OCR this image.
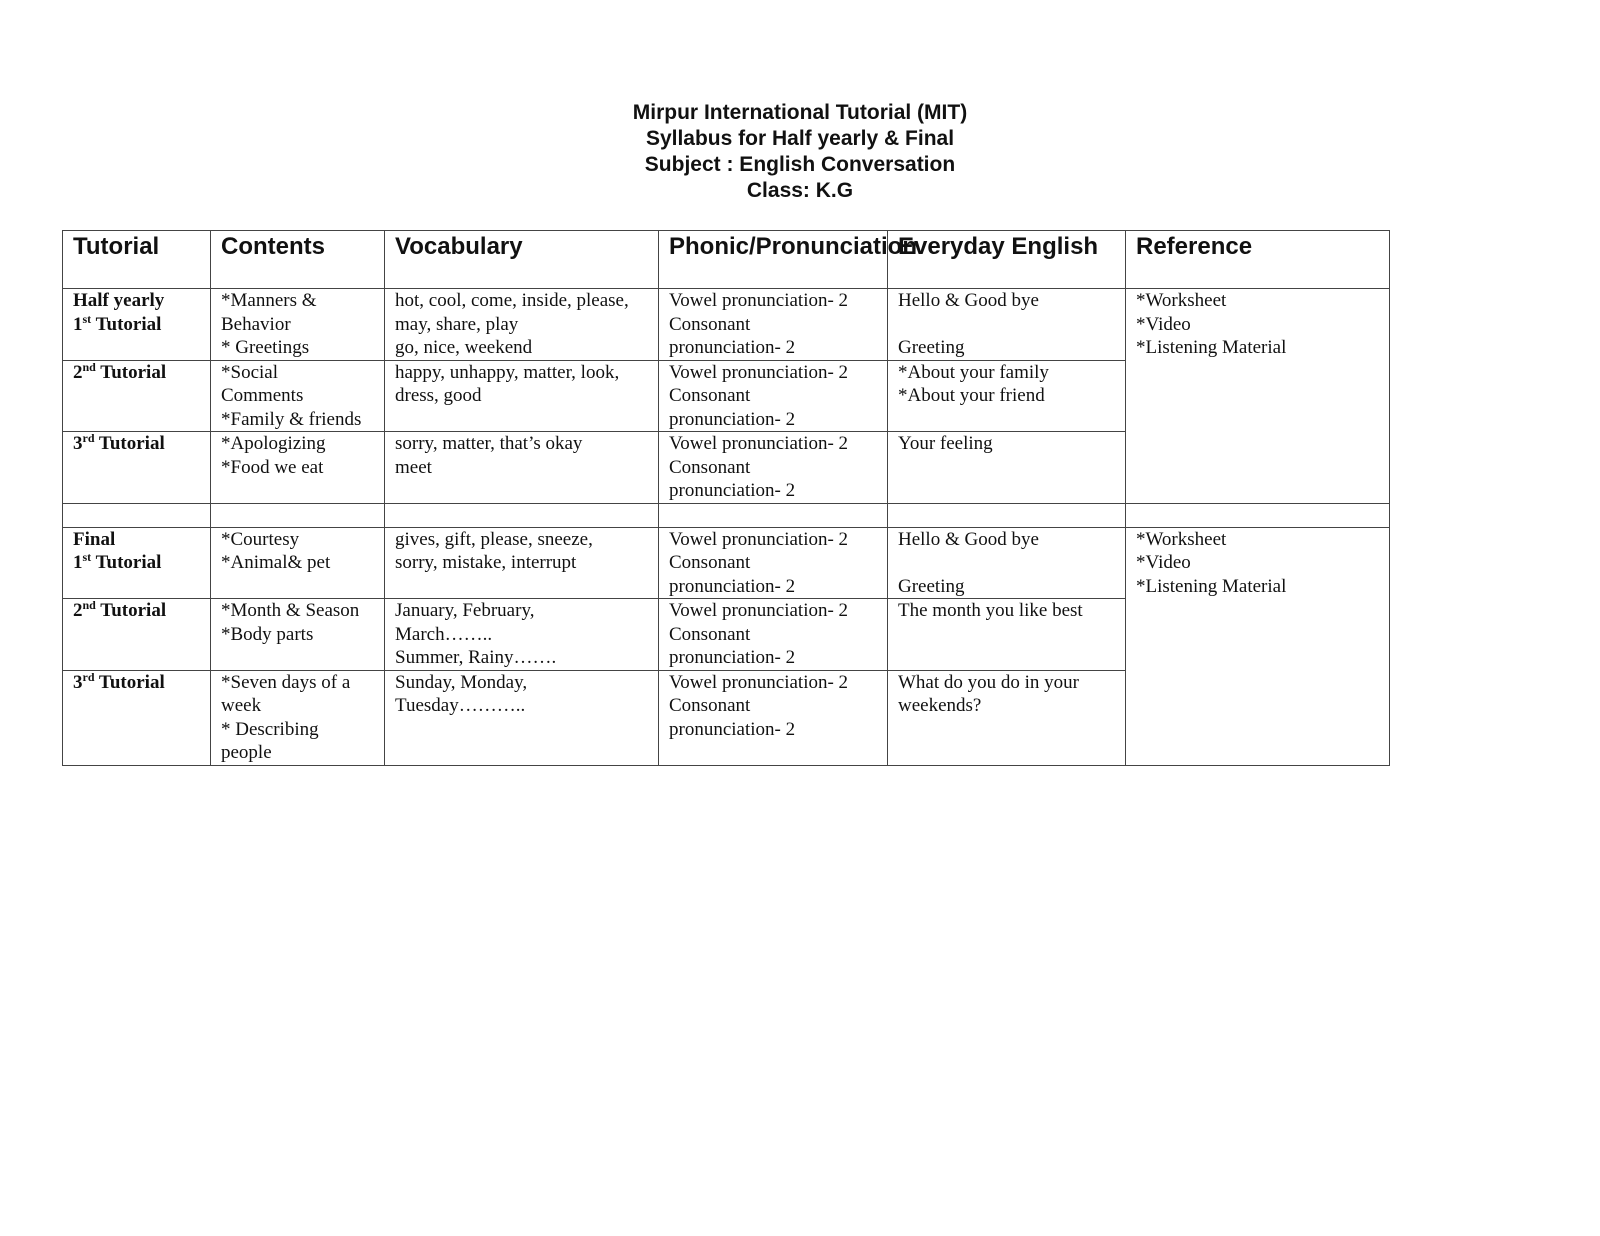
Mirpur International Tutorial (MIT)
Syllabus for Half yearly & Final
Subject : English Conversation
Class: K.G
Tutorial	Contents	Vocabulary	Phonic/Pronunciation	Everyday English	Reference

Half yearly
1st Tutorial	*Manners &
Behavior
* Greetings	hot, cool, come, inside, please,
may, share, play
go, nice, weekend	Vowel pronunciation- 2
Consonant
pronunciation- 2	Hello & Good bye

Greeting	*Worksheet
*Video
*Listening Material

2nd Tutorial	*Social
Comments
*Family & friends	happy, unhappy, matter, look,
dress, good	Vowel pronunciation- 2
Consonant
pronunciation- 2	*About your family
*About your friend	

3rd Tutorial	*Apologizing
*Food we eat	sorry, matter, that’s okay
meet	Vowel pronunciation- 2
Consonant
pronunciation- 2	Your feeling	

Final
1st Tutorial	*Courtesy
*Animal& pet	gives, gift, please, sneeze,
sorry, mistake, interrupt	Vowel pronunciation- 2
Consonant
pronunciation- 2	Hello & Good bye

Greeting	*Worksheet
*Video
*Listening Material

2nd Tutorial	*Month & Season
*Body parts	January, February,
March……..
Summer, Rainy…….	Vowel pronunciation- 2
Consonant
pronunciation- 2	The month you like best	

3rd Tutorial	*Seven days of a
week
* Describing
people	Sunday, Monday,
Tuesday………..	Vowel pronunciation- 2
Consonant
pronunciation- 2	What do you do in your
weekends?	
